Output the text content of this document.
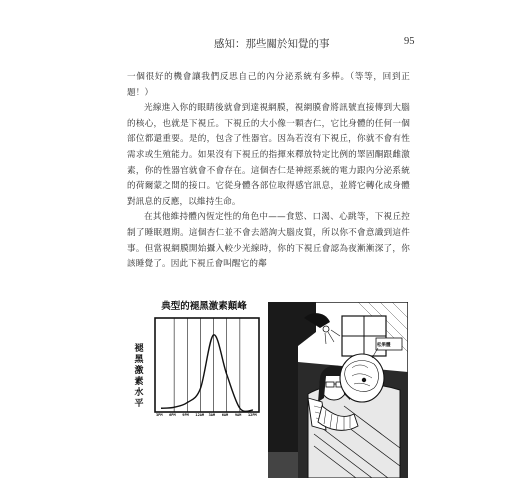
感知：那些關於知覺的事	95

一個很好的機會讓我們反思自己的內分泌系統有多棒。（等等，回到正題！）

光線進入你的眼睛後就會到達視網膜，視網膜會將訊號直接傳到大腦的核心，也就是下視丘。下視丘的大小像一顆杏仁，它比身體的任何一個部位都還重要。是的，包含了性器官。因為若沒有下視丘，你就不會有性需求或生殖能力。如果沒有下視丘的指揮來釋放特定比例的睪固酮跟雌激素，你的性器官就會不會存在。這個杏仁是神經系統的電力跟內分泌系統的荷爾蒙之間的接口。它從身體各部位取得感官訊息，並將它轉化成身體對訊息的反應，以維持生命。

在其他維持體內恆定性的角色中——食慾、口渴、心跳等，下視丘控制了睡眠週期。這個杏仁並不會去諮詢大腦皮質，所以你不會意識到這件事。但當視網膜開始攝入較少光線時，你的下視丘會認為夜漸漸深了，你該睡覺了。因此下視丘會叫醒它的鄰

典型的褪黑激素顛峰
褪
黑
激
素
水
平
3PM 6PM 9PM 12AM 3AM 6AM 9AM 12PM
松果體
